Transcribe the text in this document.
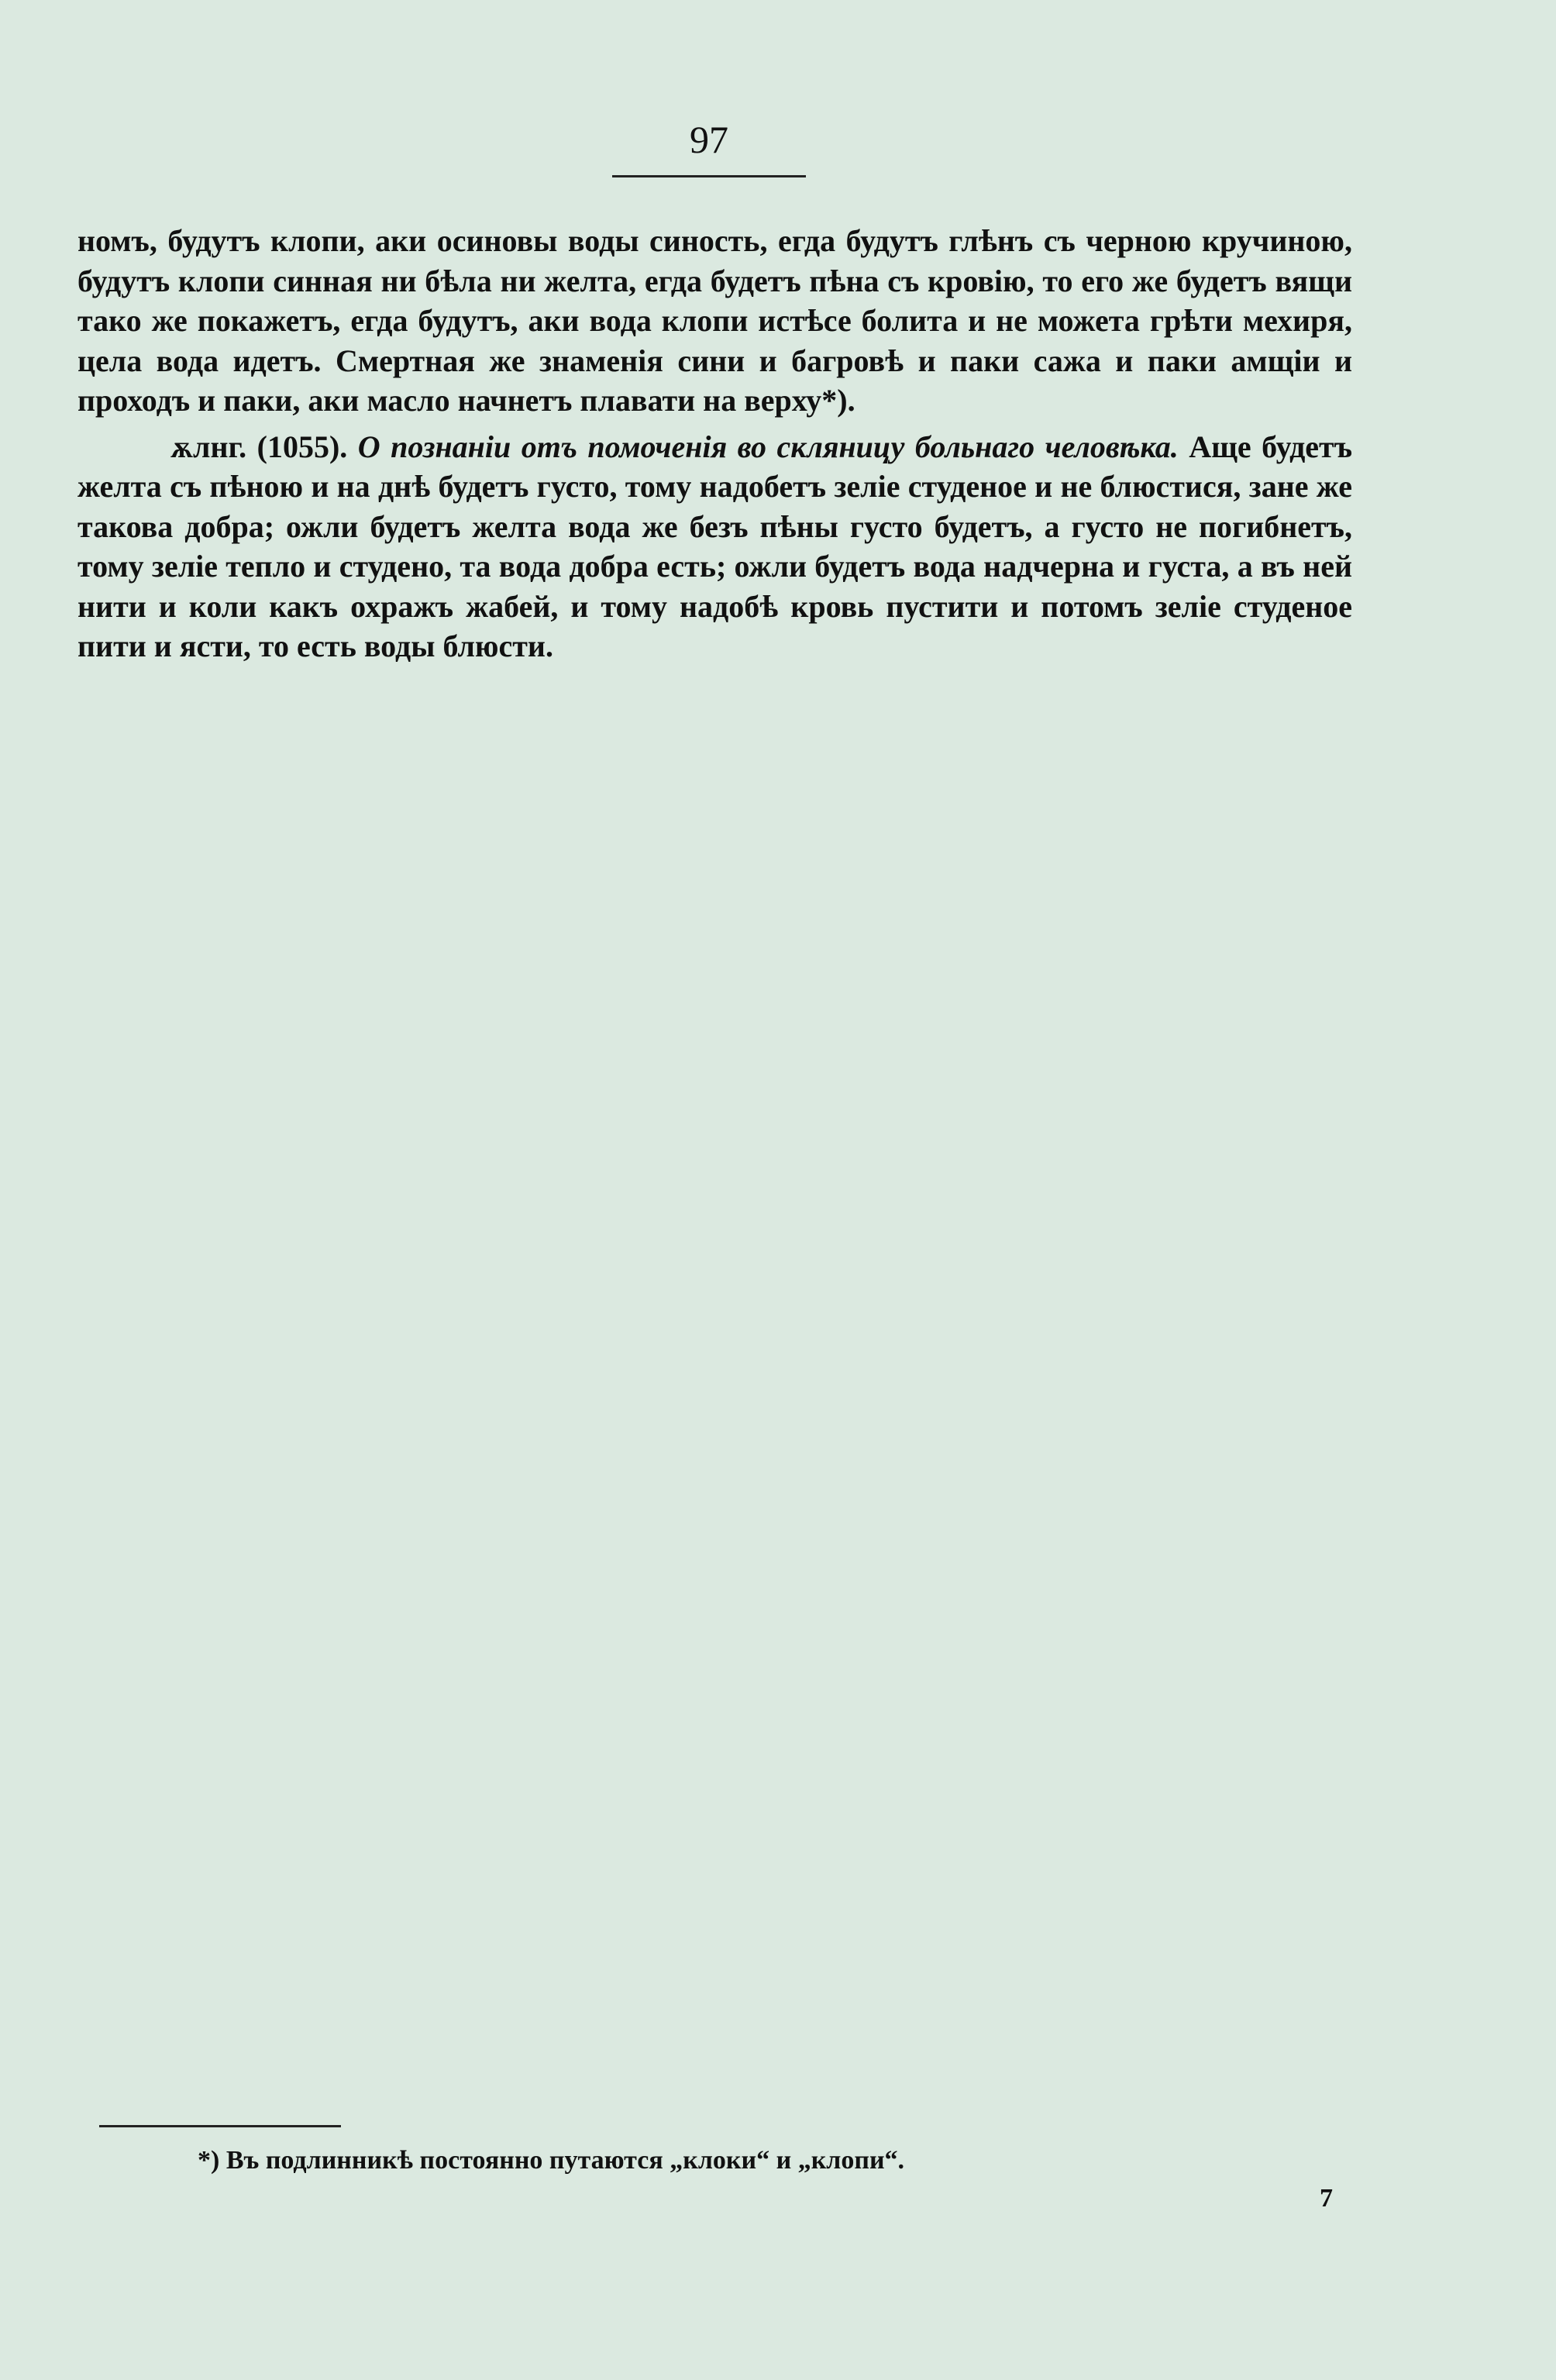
97

номъ, будутъ клопи, аки осиновы воды синость, егда будутъ глѣнъ съ черною кручиною, будутъ клопи синная ни бѣла ни желта, егда будетъ пѣна съ кровію, то его же будетъ вящи тако же покажетъ, егда будутъ, аки вода клопи истѣсе болита и не можета грѣти мехиря, цела вода идетъ. Смертная же знаменія сини и багровѣ и паки сажа и паки амщіи и проходъ и паки, аки масло начнетъ плавати на верху*).

ѫлнг. (1055). О познаніи отъ помоченія во скляницу больнаго человѣка. Аще будетъ желта съ пѣною и на днѣ будетъ густо, тому надобетъ зеліе студеное и не блюстися, зане же такова добра; ожли будетъ желта вода же безъ пѣны густо будетъ, а густо не погибнетъ, тому зеліе тепло и студено, та вода добра есть; ожли будетъ вода надчерна и густа, а въ ней нити и коли какъ охражъ жабей, и тому надобѣ кровь пустити и потомъ зеліе студеное пити и ясти, то есть воды блюсти.

*) Въ подлинникѣ постоянно путаются „клоки“ и „клопи“.
7
